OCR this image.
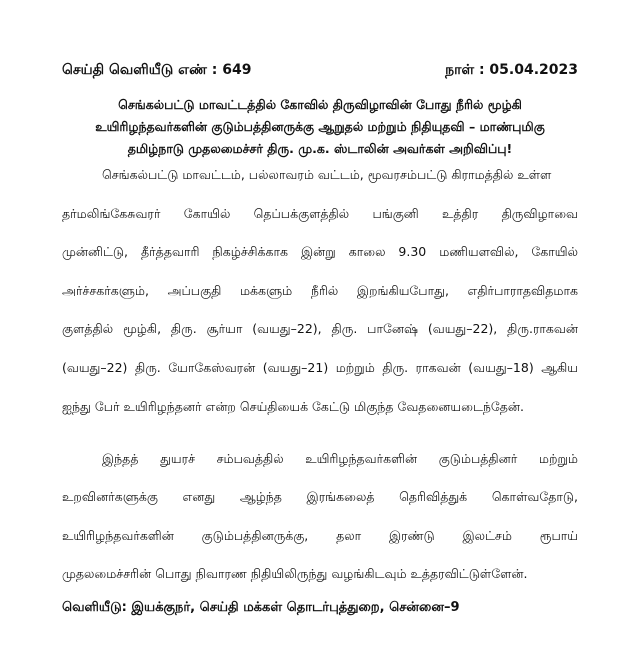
செய்தி வெளியீடு எண் : 649	நாள் : 05.04.2023
செங்கல்பட்டு மாவட்டத்தில் கோவில் திருவிழாவின் போது நீரில் மூழ்கி
உயிரிழந்தவர்களின் குடும்பத்தினருக்கு ஆறுதல் மற்றும் நிதியுதவி – மாண்புமிகு
தமிழ்நாடு முதலமைச்சர் திரு. மு.க. ஸ்டாலின் அவர்கள் அறிவிப்பு!
செங்கல்பட்டு மாவட்டம், பல்லாவரம் வட்டம், மூவரசம்பட்டு கிராமத்தில் உள்ள
தர்மலிங்கேசுவரர் கோயில் தெப்பக்குளத்தில் பங்குனி உத்திர திருவிழாவை
முன்னிட்டு, தீர்த்தவாரி நிகழ்ச்சிக்காக இன்று காலை 9.30 மணியளவில், கோயில்
அர்ச்சகர்களும், அப்பகுதி மக்களும் நீரில் இறங்கியபோது, எதிர்பாராதவிதமாக
குளத்தில் மூழ்கி, திரு. சூர்யா (வயது–22), திரு. பானேஷ் (வயது–22), திரு.ராகவன்
(வயது–22) திரு. யோகேஸ்வரன் (வயது–21) மற்றும் திரு. ராகவன் (வயது–18) ஆகிய
ஐந்து பேர் உயிரிழந்தனர் என்ற செய்தியைக் கேட்டு மிகுந்த வேதனையடைந்தேன்.
இந்தத் துயரச் சம்பவத்தில் உயிரிழந்தவர்களின் குடும்பத்தினர் மற்றும்
உறவினர்களுக்கு எனது ஆழ்ந்த இரங்கலைத் தெரிவித்துக் கொள்வதோடு,
உயிரிழந்தவர்களின் குடும்பத்தினருக்கு, தலா இரண்டு இலட்சம் ரூபாய்
முதலமைச்சரின் பொது நிவாரண நிதியிலிருந்து வழங்கிடவும் உத்தரவிட்டுள்ளேன்.
வெளியீடு: இயக்குநர், செய்தி மக்கள் தொடர்புத்துறை, சென்னை–9
